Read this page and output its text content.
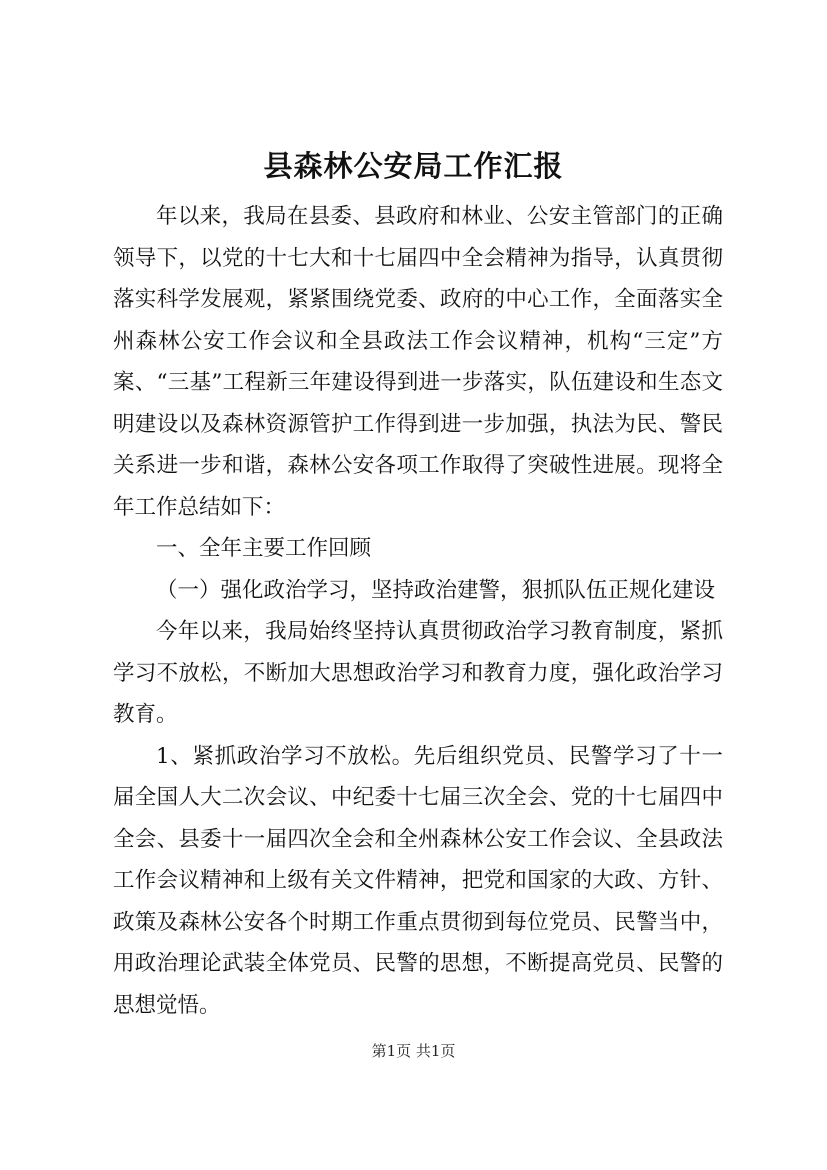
县森林公安局工作汇报

年以来，我局在县委、县政府和林业、公安主管部门的正确领导下，以党的十七大和十七届四中全会精神为指导，认真贯彻落实科学发展观，紧紧围绕党委、政府的中心工作，全面落实全州森林公安工作会议和全县政法工作会议精神，机构“三定”方案、“三基”工程新三年建设得到进一步落实，队伍建设和生态文明建设以及森林资源管护工作得到进一步加强，执法为民、警民关系进一步和谐，森林公安各项工作取得了突破性进展。现将全年工作总结如下：

一、全年主要工作回顾

（一）强化政治学习，坚持政治建警，狠抓队伍正规化建设

今年以来，我局始终坚持认真贯彻政治学习教育制度，紧抓学习不放松，不断加大思想政治学习和教育力度，强化政治学习教育。

1、紧抓政治学习不放松。先后组织党员、民警学习了十一届全国人大二次会议、中纪委十七届三次全会、党的十七届四中全会、县委十一届四次全会和全州森林公安工作会议、全县政法工作会议精神和上级有关文件精神，把党和国家的大政、方针、政策及森林公安各个时期工作重点贯彻到每位党员、民警当中，用政治理论武装全体党员、民警的思想，不断提高党员、民警的思想觉悟。

第1页 共1页
